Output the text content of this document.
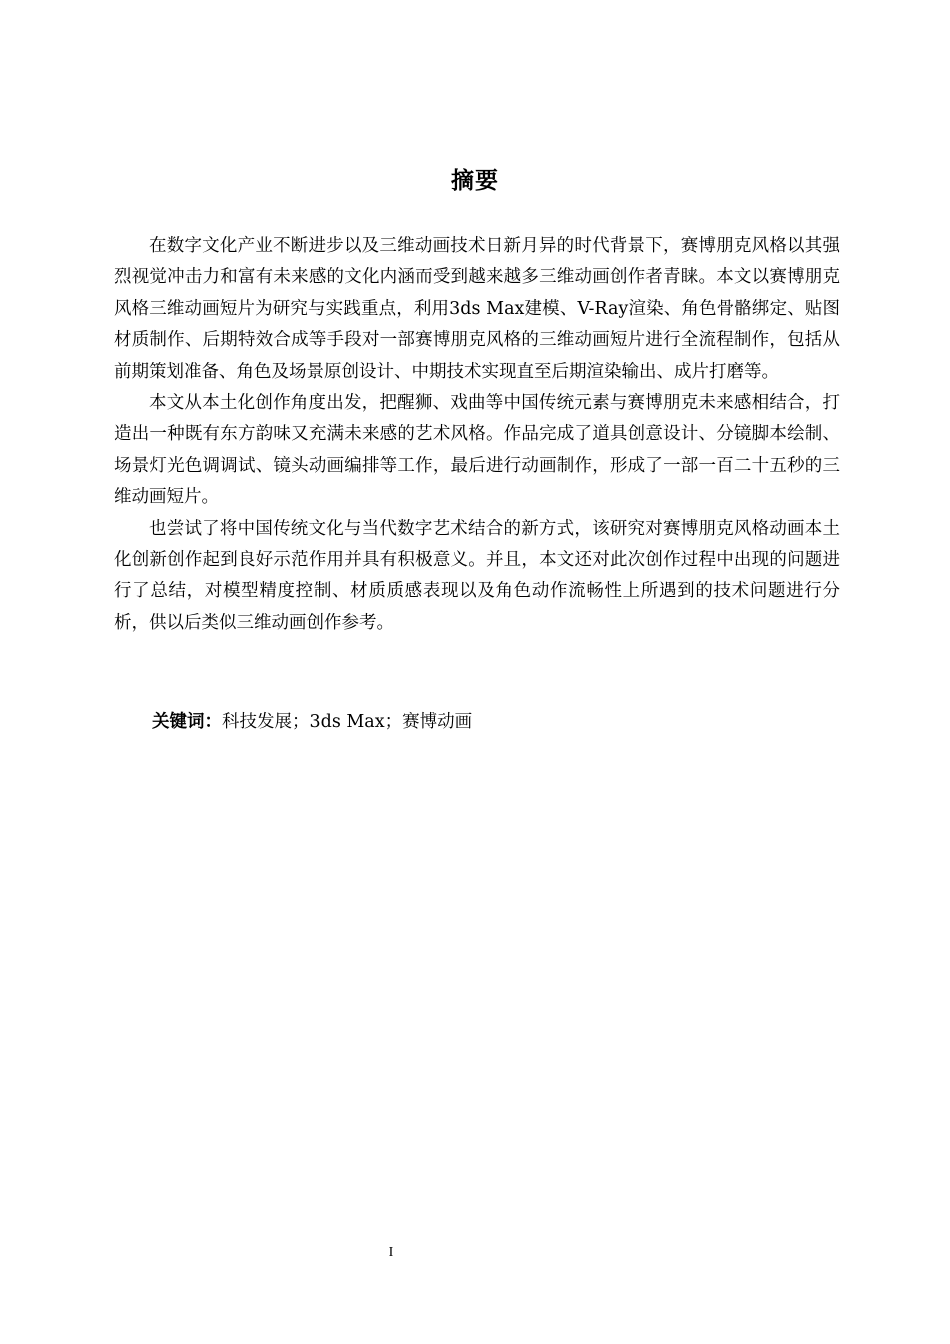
摘要

在数字文化产业不断进步以及三维动画技术日新月异的时代背景下，赛博朋克风格以其强烈视觉冲击力和富有未来感的文化内涵而受到越来越多三维动画创作者青睐。本文以赛博朋克风格三维动画短片为研究与实践重点，利用3ds Max建模、V-Ray渲染、角色骨骼绑定、贴图材质制作、后期特效合成等手段对一部赛博朋克风格的三维动画短片进行全流程制作，包括从前期策划准备、角色及场景原创设计、中期技术实现直至后期渲染输出、成片打磨等。

本文从本土化创作角度出发，把醒狮、戏曲等中国传统元素与赛博朋克未来感相结合，打造出一种既有东方韵味又充满未来感的艺术风格。作品完成了道具创意设计、分镜脚本绘制、场景灯光色调调试、镜头动画编排等工作，最后进行动画制作，形成了一部一百二十五秒的三维动画短片。

也尝试了将中国传统文化与当代数字艺术结合的新方式，该研究对赛博朋克风格动画本土化创新创作起到良好示范作用并具有积极意义。并且，本文还对此次创作过程中出现的问题进行了总结，对模型精度控制、材质质感表现以及角色动作流畅性上所遇到的技术问题进行分析，供以后类似三维动画创作参考。

关键词：科技发展；3ds Max；赛博动画
I
